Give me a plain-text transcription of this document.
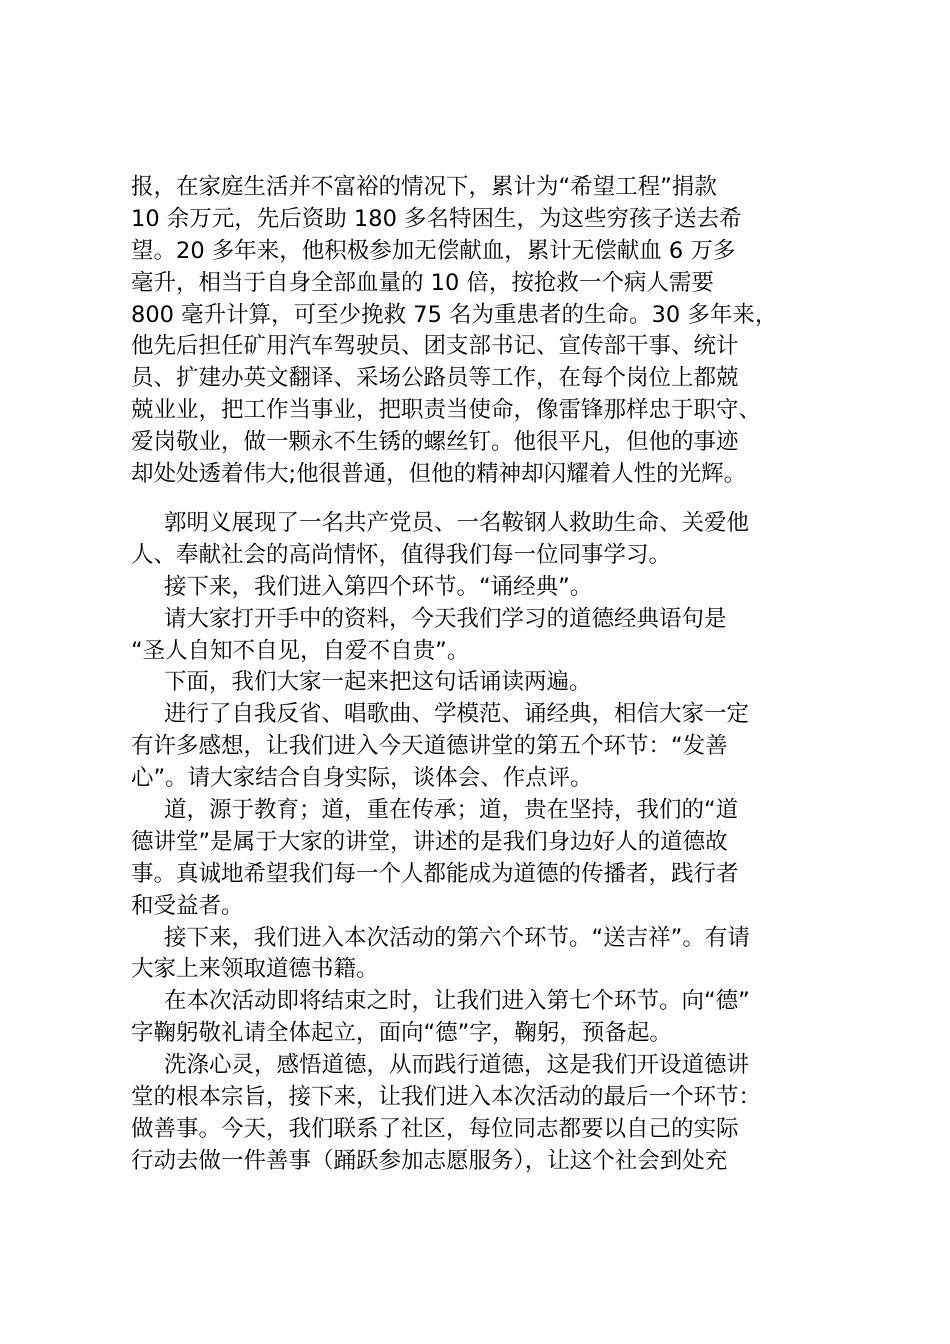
报，在家庭生活并不富裕的情况下，累计为“希望工程”捐款
10 余万元，先后资助 180 多名特困生，为这些穷孩子送去希
望。20 多年来，他积极参加无偿献血，累计无偿献血 6 万多
毫升，相当于自身全部血量的 10 倍，按抢救一个病人需要
800 毫升计算，可至少挽救 75 名为重患者的生命。30 多年来，
他先后担任矿用汽车驾驶员、团支部书记、宣传部干事、统计
员、扩建办英文翻译、采场公路员等工作，在每个岗位上都兢
兢业业，把工作当事业，把职责当使命，像雷锋那样忠于职守、
爱岗敬业，做一颗永不生锈的螺丝钉。他很平凡，但他的事迹
却处处透着伟大;他很普通，但他的精神却闪耀着人性的光辉。
郭明义展现了一名共产党员、一名鞍钢人救助生命、关爱他
人、奉献社会的高尚情怀，值得我们每一位同事学习。
接下来，我们进入第四个环节。“诵经典”。
请大家打开手中的资料，今天我们学习的道德经典语句是
“圣人自知不自见，自爱不自贵”。
下面，我们大家一起来把这句话诵读两遍。
进行了自我反省、唱歌曲、学模范、诵经典，相信大家一定
有许多感想，让我们进入今天道德讲堂的第五个环节：“发善
心”。请大家结合自身实际，谈体会、作点评。
道，源于教育；道，重在传承；道，贵在坚持，我们的“道
德讲堂”是属于大家的讲堂，讲述的是我们身边好人的道德故
事。真诚地希望我们每一个人都能成为道德的传播者，践行者
和受益者。
接下来，我们进入本次活动的第六个环节。“送吉祥”。有请
大家上来领取道德书籍。
在本次活动即将结束之时，让我们进入第七个环节。向“德”
字鞠躬敬礼请全体起立，面向“德”字，鞠躬，预备起。
洗涤心灵，感悟道德，从而践行道德，这是我们开设道德讲
堂的根本宗旨，接下来，让我们进入本次活动的最后一个环节：
做善事。今天，我们联系了社区，每位同志都要以自己的实际
行动去做一件善事（踊跃参加志愿服务），让这个社会到处充
